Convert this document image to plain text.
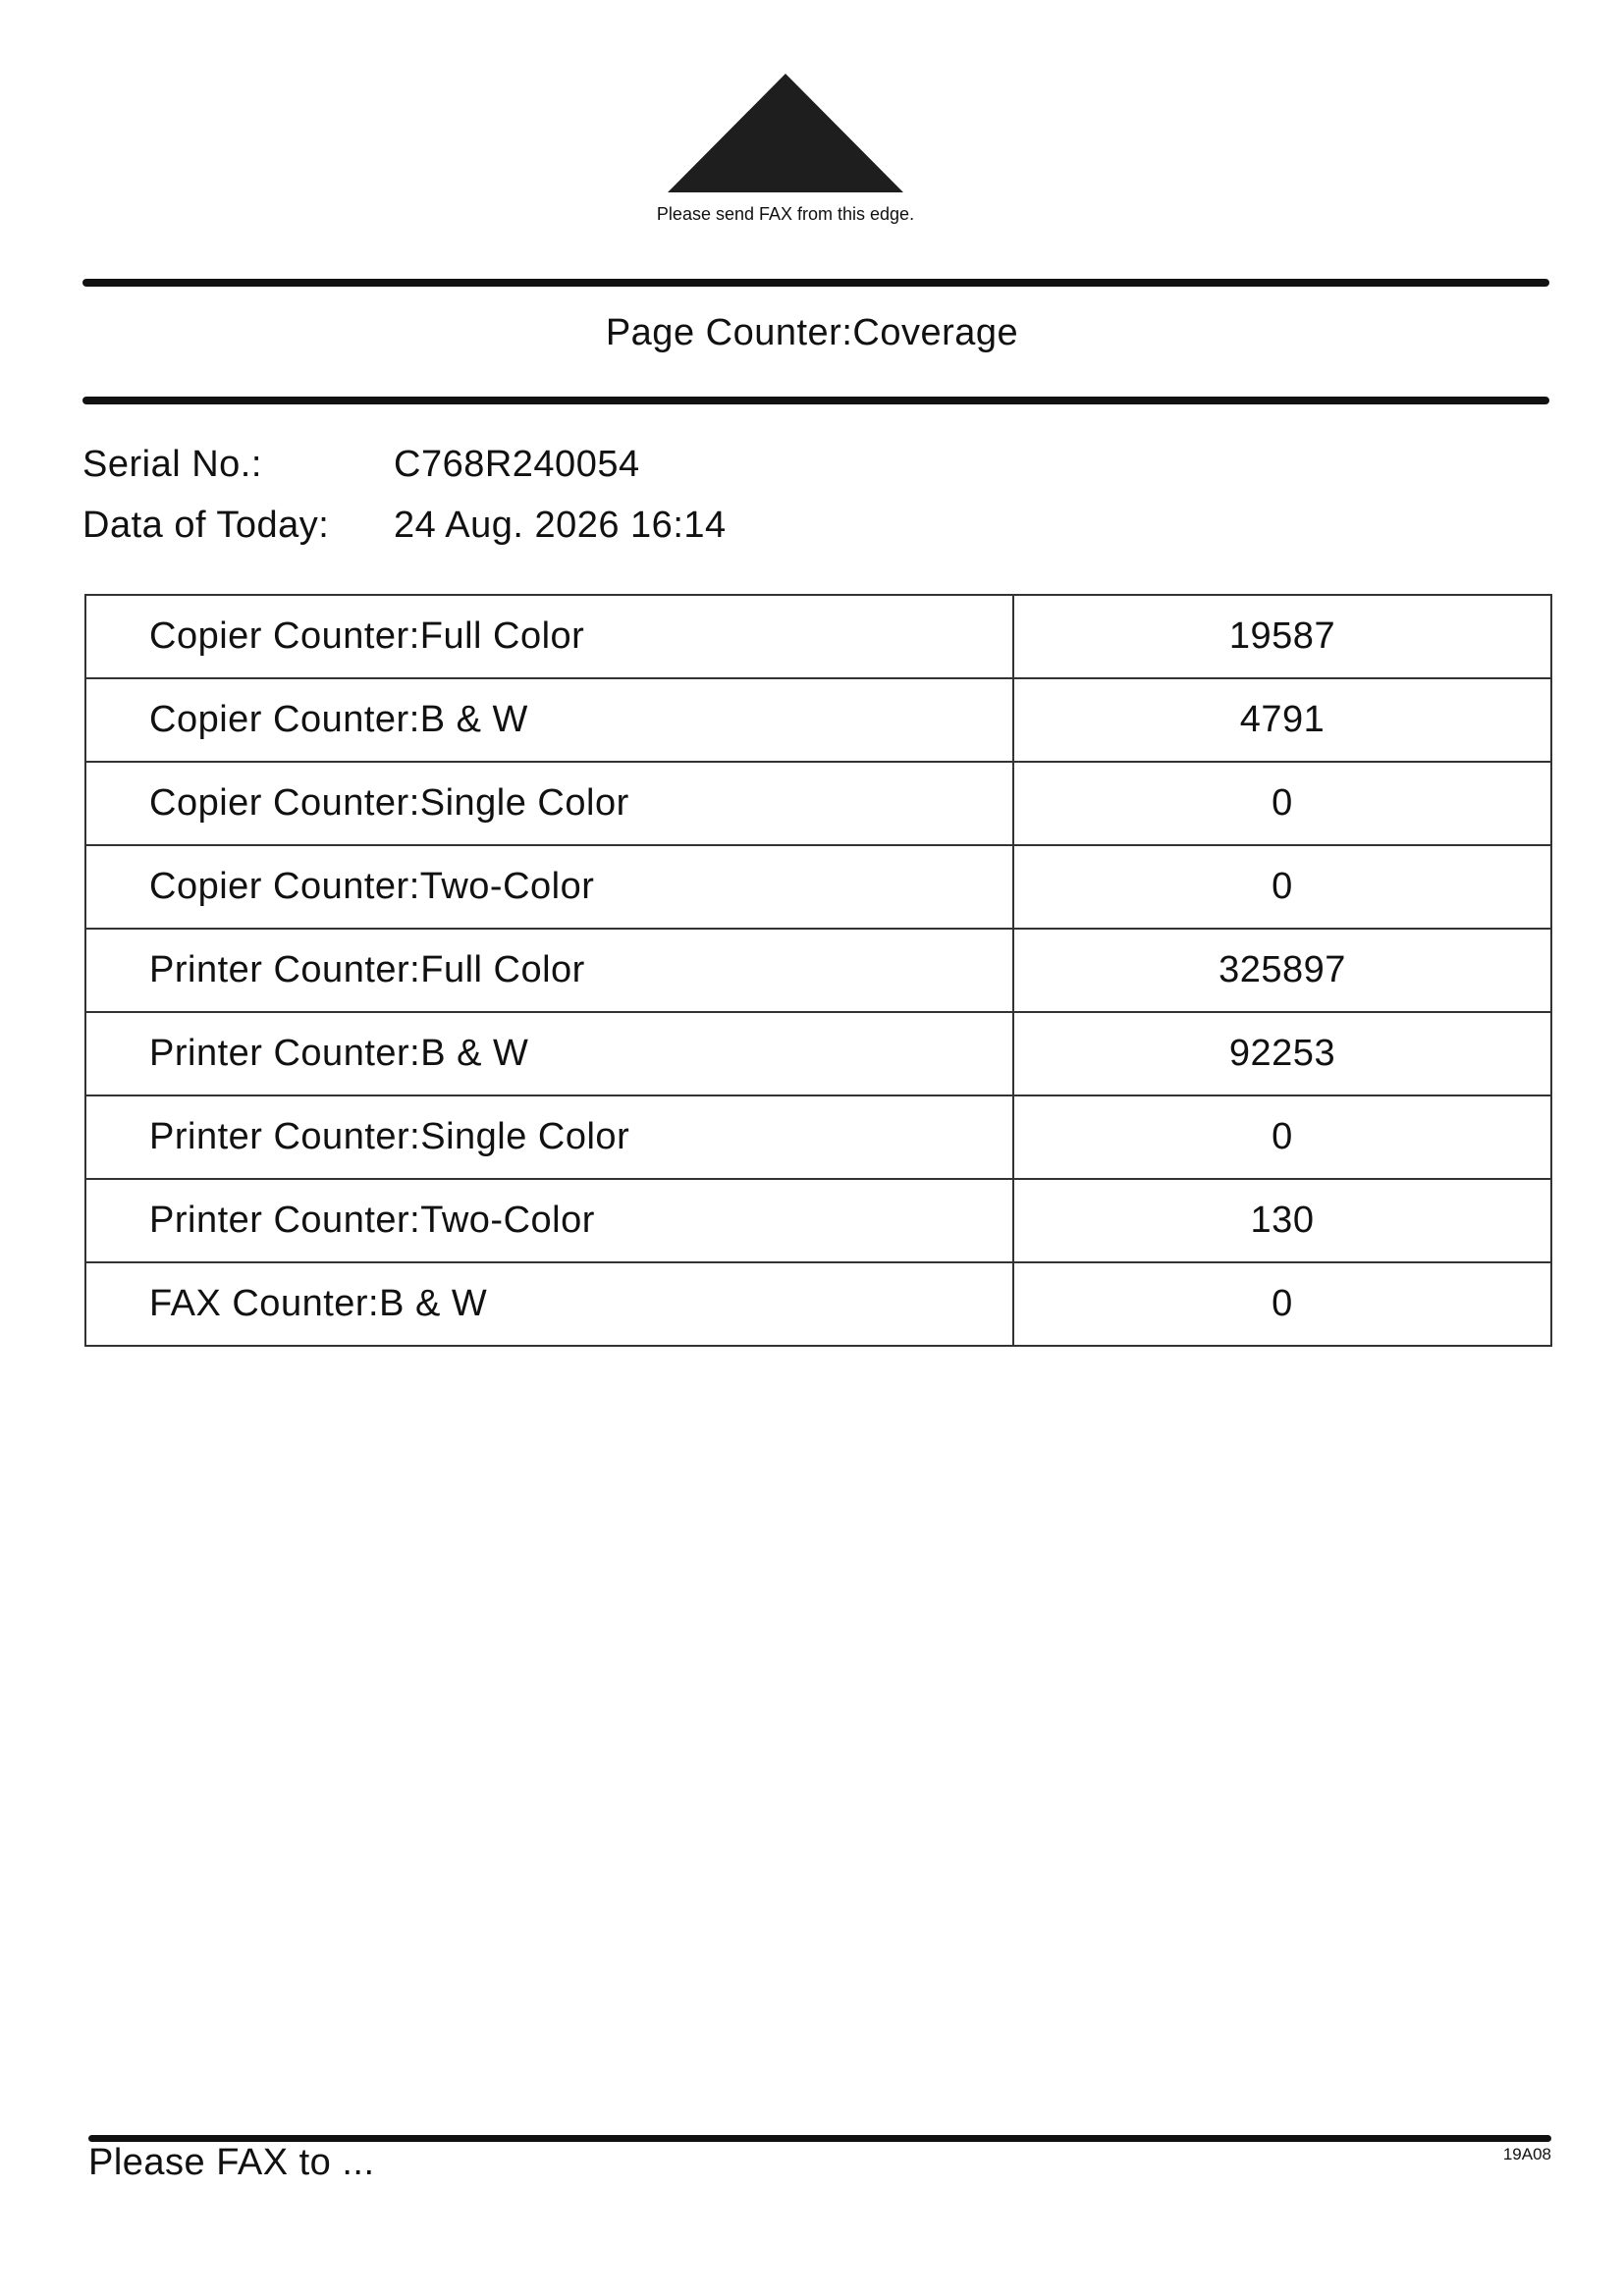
Please send FAX from this edge.
Page Counter:Coverage
Serial No.:	C768R240054
Data of Today: 24 Aug. 2026 16:14
Copier Counter:Full Color	19587
Copier Counter:B & W	4791
Copier Counter:Single Color	0
Copier Counter:Two-Color	0
Printer Counter:Full Color	325897
Printer Counter:B & W	92253
Printer Counter:Single Color	0
Printer Counter:Two-Color	130
FAX Counter:B & W	0
Please FAX to ...	19A08
